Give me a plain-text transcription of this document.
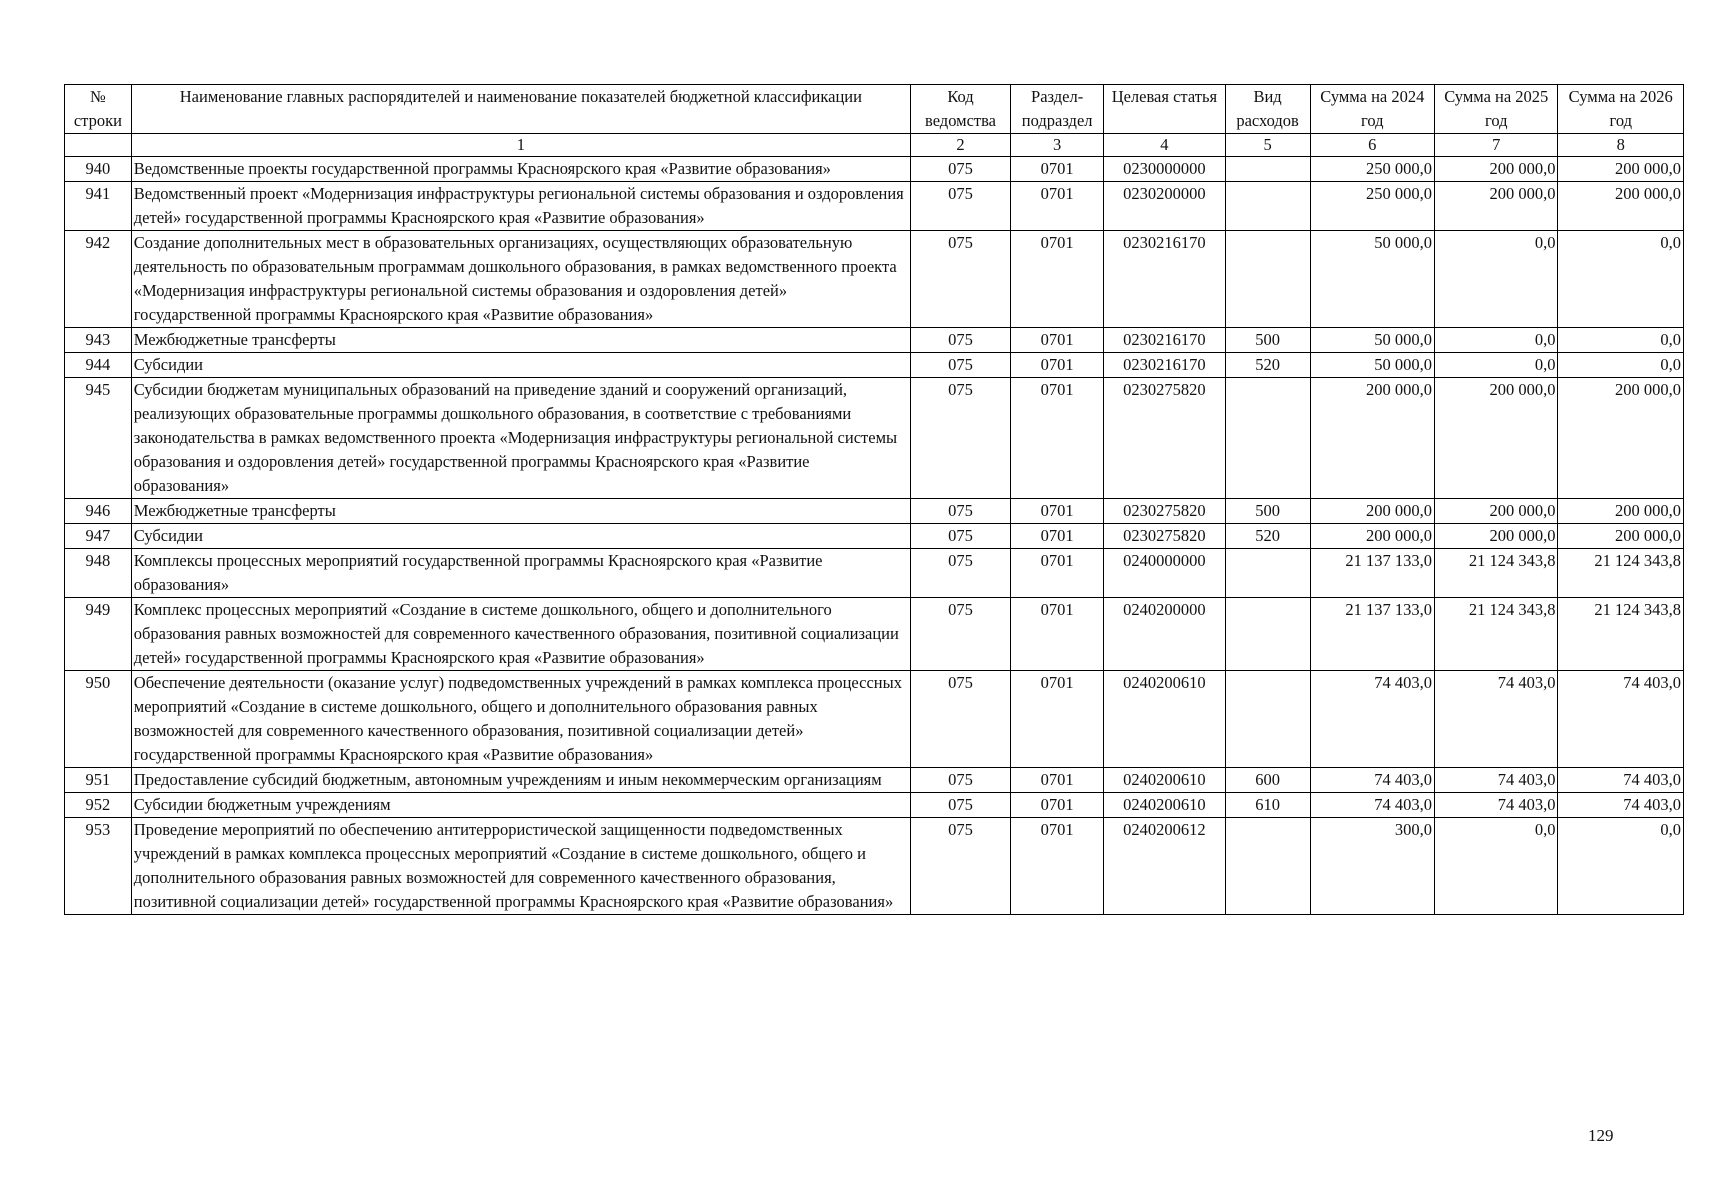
№ строки	Наименование главных распорядителей и наименование показателей бюджетной классификации	Код ведомства	Раздел-подраздел	Целевая статья	Вид расходов	Сумма на 2024 год	Сумма на 2025 год	Сумма на 2026 год
	1	2	3	4	5	6	7	8
940	Ведомственные проекты государственной программы Красноярского края «Развитие образования»	075	0701	0230000000		250 000,0	200 000,0	200 000,0
941	Ведомственный проект «Модернизация инфраструктуры региональной системы образования и оздоровления детей» государственной программы Красноярского края «Развитие образования»	075	0701	0230200000		250 000,0	200 000,0	200 000,0
942	Создание дополнительных мест в образовательных организациях, осуществляющих образовательную деятельность по образовательным программам дошкольного образования, в рамках ведомственного проекта «Модернизация инфраструктуры региональной системы образования и оздоровления детей» государственной программы Красноярского края «Развитие образования»	075	0701	0230216170		50 000,0	0,0	0,0
943	Межбюджетные трансферты	075	0701	0230216170	500	50 000,0	0,0	0,0
944	Субсидии	075	0701	0230216170	520	50 000,0	0,0	0,0
945	Субсидии бюджетам муниципальных образований на приведение зданий и сооружений организаций, реализующих образовательные программы дошкольного образования, в соответствие с требованиями законодательства в рамках ведомственного проекта «Модернизация инфраструктуры региональной системы образования и оздоровления детей» государственной программы Красноярского края «Развитие образования»	075	0701	0230275820		200 000,0	200 000,0	200 000,0
946	Межбюджетные трансферты	075	0701	0230275820	500	200 000,0	200 000,0	200 000,0
947	Субсидии	075	0701	0230275820	520	200 000,0	200 000,0	200 000,0
948	Комплексы процессных мероприятий государственной программы Красноярского края «Развитие образования»	075	0701	0240000000		21 137 133,0	21 124 343,8	21 124 343,8
949	Комплекс процессных мероприятий «Создание в системе дошкольного, общего и дополнительного образования равных возможностей для современного качественного образования, позитивной социализации детей» государственной программы Красноярского края «Развитие образования»	075	0701	0240200000		21 137 133,0	21 124 343,8	21 124 343,8
950	Обеспечение деятельности (оказание услуг) подведомственных учреждений в рамках комплекса процессных мероприятий «Создание в системе дошкольного, общего и дополнительного образования равных возможностей для современного качественного образования, позитивной социализации детей» государственной программы Красноярского края «Развитие образования»	075	0701	0240200610		74 403,0	74 403,0	74 403,0
951	Предоставление субсидий бюджетным, автономным учреждениям и иным некоммерческим организациям	075	0701	0240200610	600	74 403,0	74 403,0	74 403,0
952	Субсидии бюджетным учреждениям	075	0701	0240200610	610	74 403,0	74 403,0	74 403,0
953	Проведение мероприятий по обеспечению антитеррористической защищенности подведомственных учреждений в рамках комплекса процессных мероприятий «Создание в системе дошкольного, общего и дополнительного образования равных возможностей для современного качественного образования, позитивной социализации детей» государственной программы Красноярского края «Развитие образования»	075	0701	0240200612		300,0	0,0	0,0
129
